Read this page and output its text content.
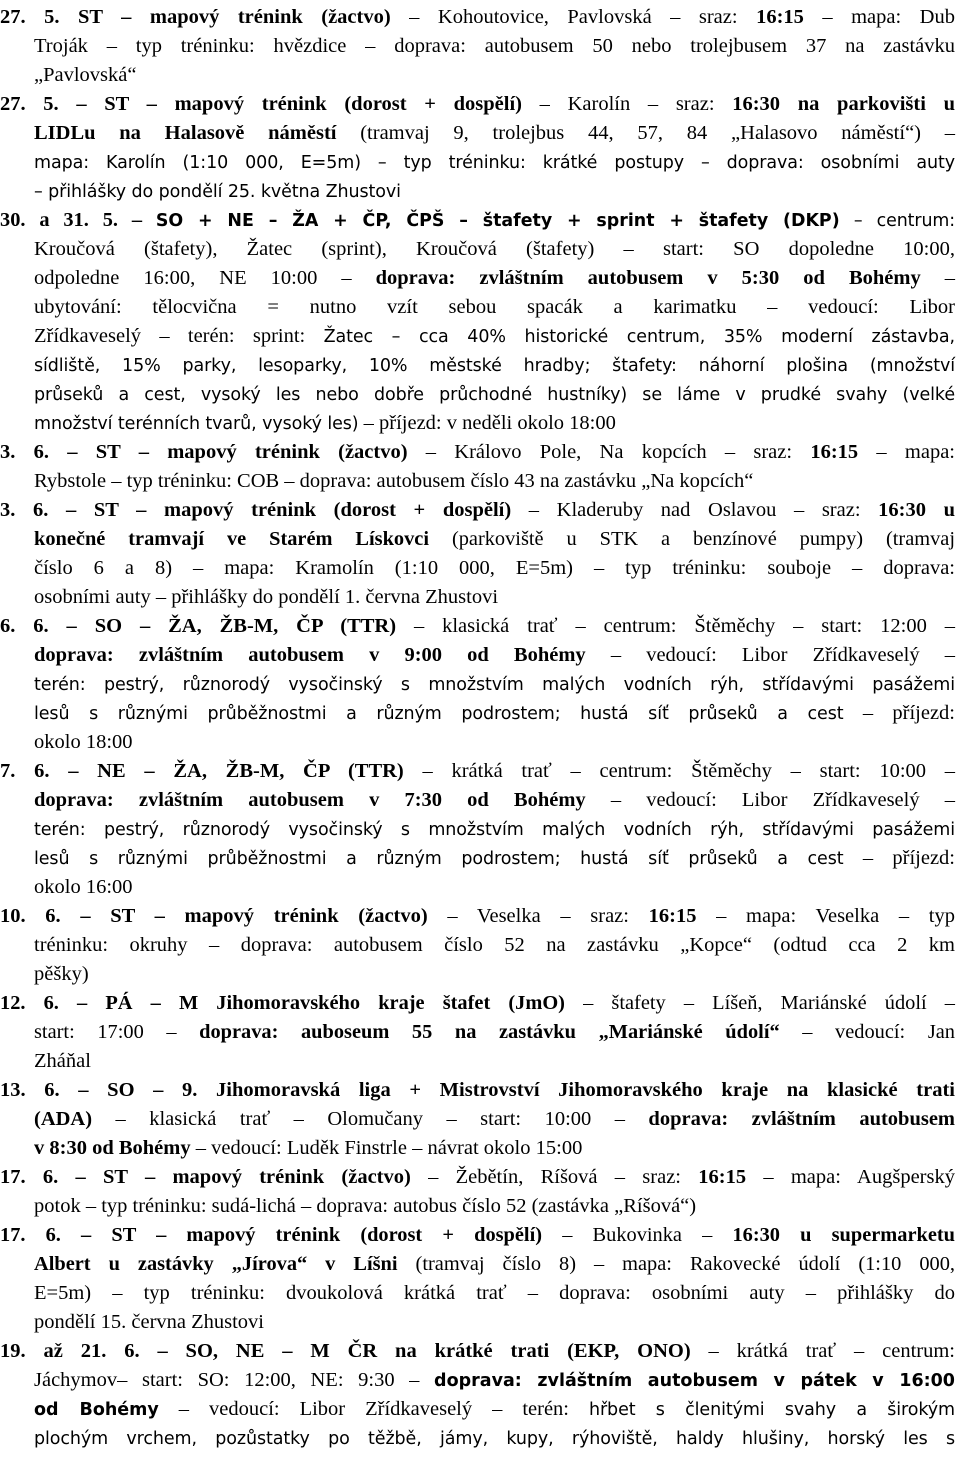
27. 5. ST – mapový trénink (žactvo) – Kohoutovice, Pavlovská – sraz: 16:15 – mapa: Dub
Troják – typ tréninku: hvězdice – doprava: autobusem 50 nebo trolejbusem 37 na zastávku
„Pavlovská“
27. 5. – ST – mapový trénink (dorost + dospělí) – Karolín – sraz: 16:30 na parkovišti u
LIDLu na Halasově náměstí (tramvaj 9, trolejbus 44, 57, 84 „Halasovo náměstí“) –
mapa: Karolín (1:10 000, E=5m) – typ tréninku: krátké postupy – doprava: osobními auty
– přihlášky do pondělí 25. května Zhustovi
30. a 31. 5. – SO + NE – ŽA + ČP, ČPŠ – štafety + sprint + štafety (DKP) – centrum:
Kroučová (štafety), Žatec (sprint), Kroučová (štafety) – start: SO dopoledne 10:00,
odpoledne 16:00, NE 10:00 – doprava: zvláštním autobusem v 5:30 od Bohémy –
ubytování: tělocvična = nutno vzít sebou spacák a karimatku – vedoucí: Libor
Zřídkaveselý – terén: sprint: Žatec – cca 40% historické centrum, 35% moderní zástavba,
sídliště, 15% parky, lesoparky, 10% městské hradby; štafety: náhorní plošina (množství
průseků a cest, vysoký les nebo dobře průchodné hustníky) se láme v prudké svahy (velké
množství terénních tvarů, vysoký les) – příjezd: v neděli okolo 18:00
3. 6. – ST – mapový trénink (žactvo) – Královo Pole, Na kopcích – sraz: 16:15 – mapa:
Rybstole – typ tréninku: COB – doprava: autobusem číslo 43 na zastávku „Na kopcích“
3. 6. – ST – mapový trénink (dorost + dospělí) – Kladeruby nad Oslavou – sraz: 16:30 u
konečné tramvají ve Starém Lískovci (parkoviště u STK a benzínové pumpy) (tramvaj
číslo 6 a 8) – mapa: Kramolín (1:10 000, E=5m) – typ tréninku: souboje – doprava:
osobními auty – přihlášky do pondělí 1. června Zhustovi
6. 6. – SO – ŽA, ŽB-M, ČP (TTR) – klasická trať – centrum: Štěměchy – start: 12:00 –
doprava: zvláštním autobusem v 9:00 od Bohémy – vedoucí: Libor Zřídkaveselý –
terén: pestrý, různorodý vysočinský s množstvím malých vodních rýh, střídavými pasážemi
lesů s různými průběžnostmi a různým podrostem; hustá síť průseků a cest – příjezd:
okolo 18:00
7. 6. – NE – ŽA, ŽB-M, ČP (TTR) – krátká trať – centrum: Štěměchy – start: 10:00 –
doprava: zvláštním autobusem v 7:30 od Bohémy – vedoucí: Libor Zřídkaveselý –
terén: pestrý, různorodý vysočinský s množstvím malých vodních rýh, střídavými pasážemi
lesů s různými průběžnostmi a různým podrostem; hustá síť průseků a cest – příjezd:
okolo 16:00
10. 6. – ST – mapový trénink (žactvo) – Veselka – sraz: 16:15 – mapa: Veselka – typ
tréninku: okruhy – doprava: autobusem číslo 52 na zastávku „Kopce“ (odtud cca 2 km
pěšky)
12. 6. – PÁ – M Jihomoravského kraje štafet (JmO) – štafety – Líšeň, Mariánské údolí –
start: 17:00 – doprava: auboseum 55 na zastávku „Mariánské údolí“ – vedoucí: Jan
Zháňal
13. 6. – SO – 9. Jihomoravská liga + Mistrovství Jihomoravského kraje na klasické trati
(ADA) – klasická trať – Olomučany – start: 10:00 – doprava: zvláštním autobusem
v 8:30 od Bohémy – vedoucí: Luděk Finstrle – návrat okolo 15:00
17. 6. – ST – mapový trénink (žactvo) – Žebětín, Ríšová – sraz: 16:15 – mapa: Augšperský
potok – typ tréninku: sudá-lichá – doprava: autobus číslo 52 (zastávka „Ríšová“)
17. 6. – ST – mapový trénink (dorost + dospělí) – Bukovinka – 16:30 u supermarketu
Albert u zastávky „Jírova“ v Líšni (tramvaj číslo 8) – mapa: Rakovecké údolí (1:10 000,
E=5m) – typ tréninku: dvoukolová krátká trať – doprava: osobními auty – přihlášky do
pondělí 15. června Zhustovi
19. až 21. 6. – SO, NE – M ČR na krátké trati (EKP, ONO) – krátká trať – centrum:
Jáchymov– start: SO: 12:00, NE: 9:30 – doprava: zvláštním autobusem v pátek v 16:00
od Bohémy – vedoucí: Libor Zřídkaveselý – terén: hřbet s členitými svahy a širokým
plochým vrchem, pozůstatky po těžbě, jámy, kupy, rýhoviště, haldy hlušiny, horský les s
